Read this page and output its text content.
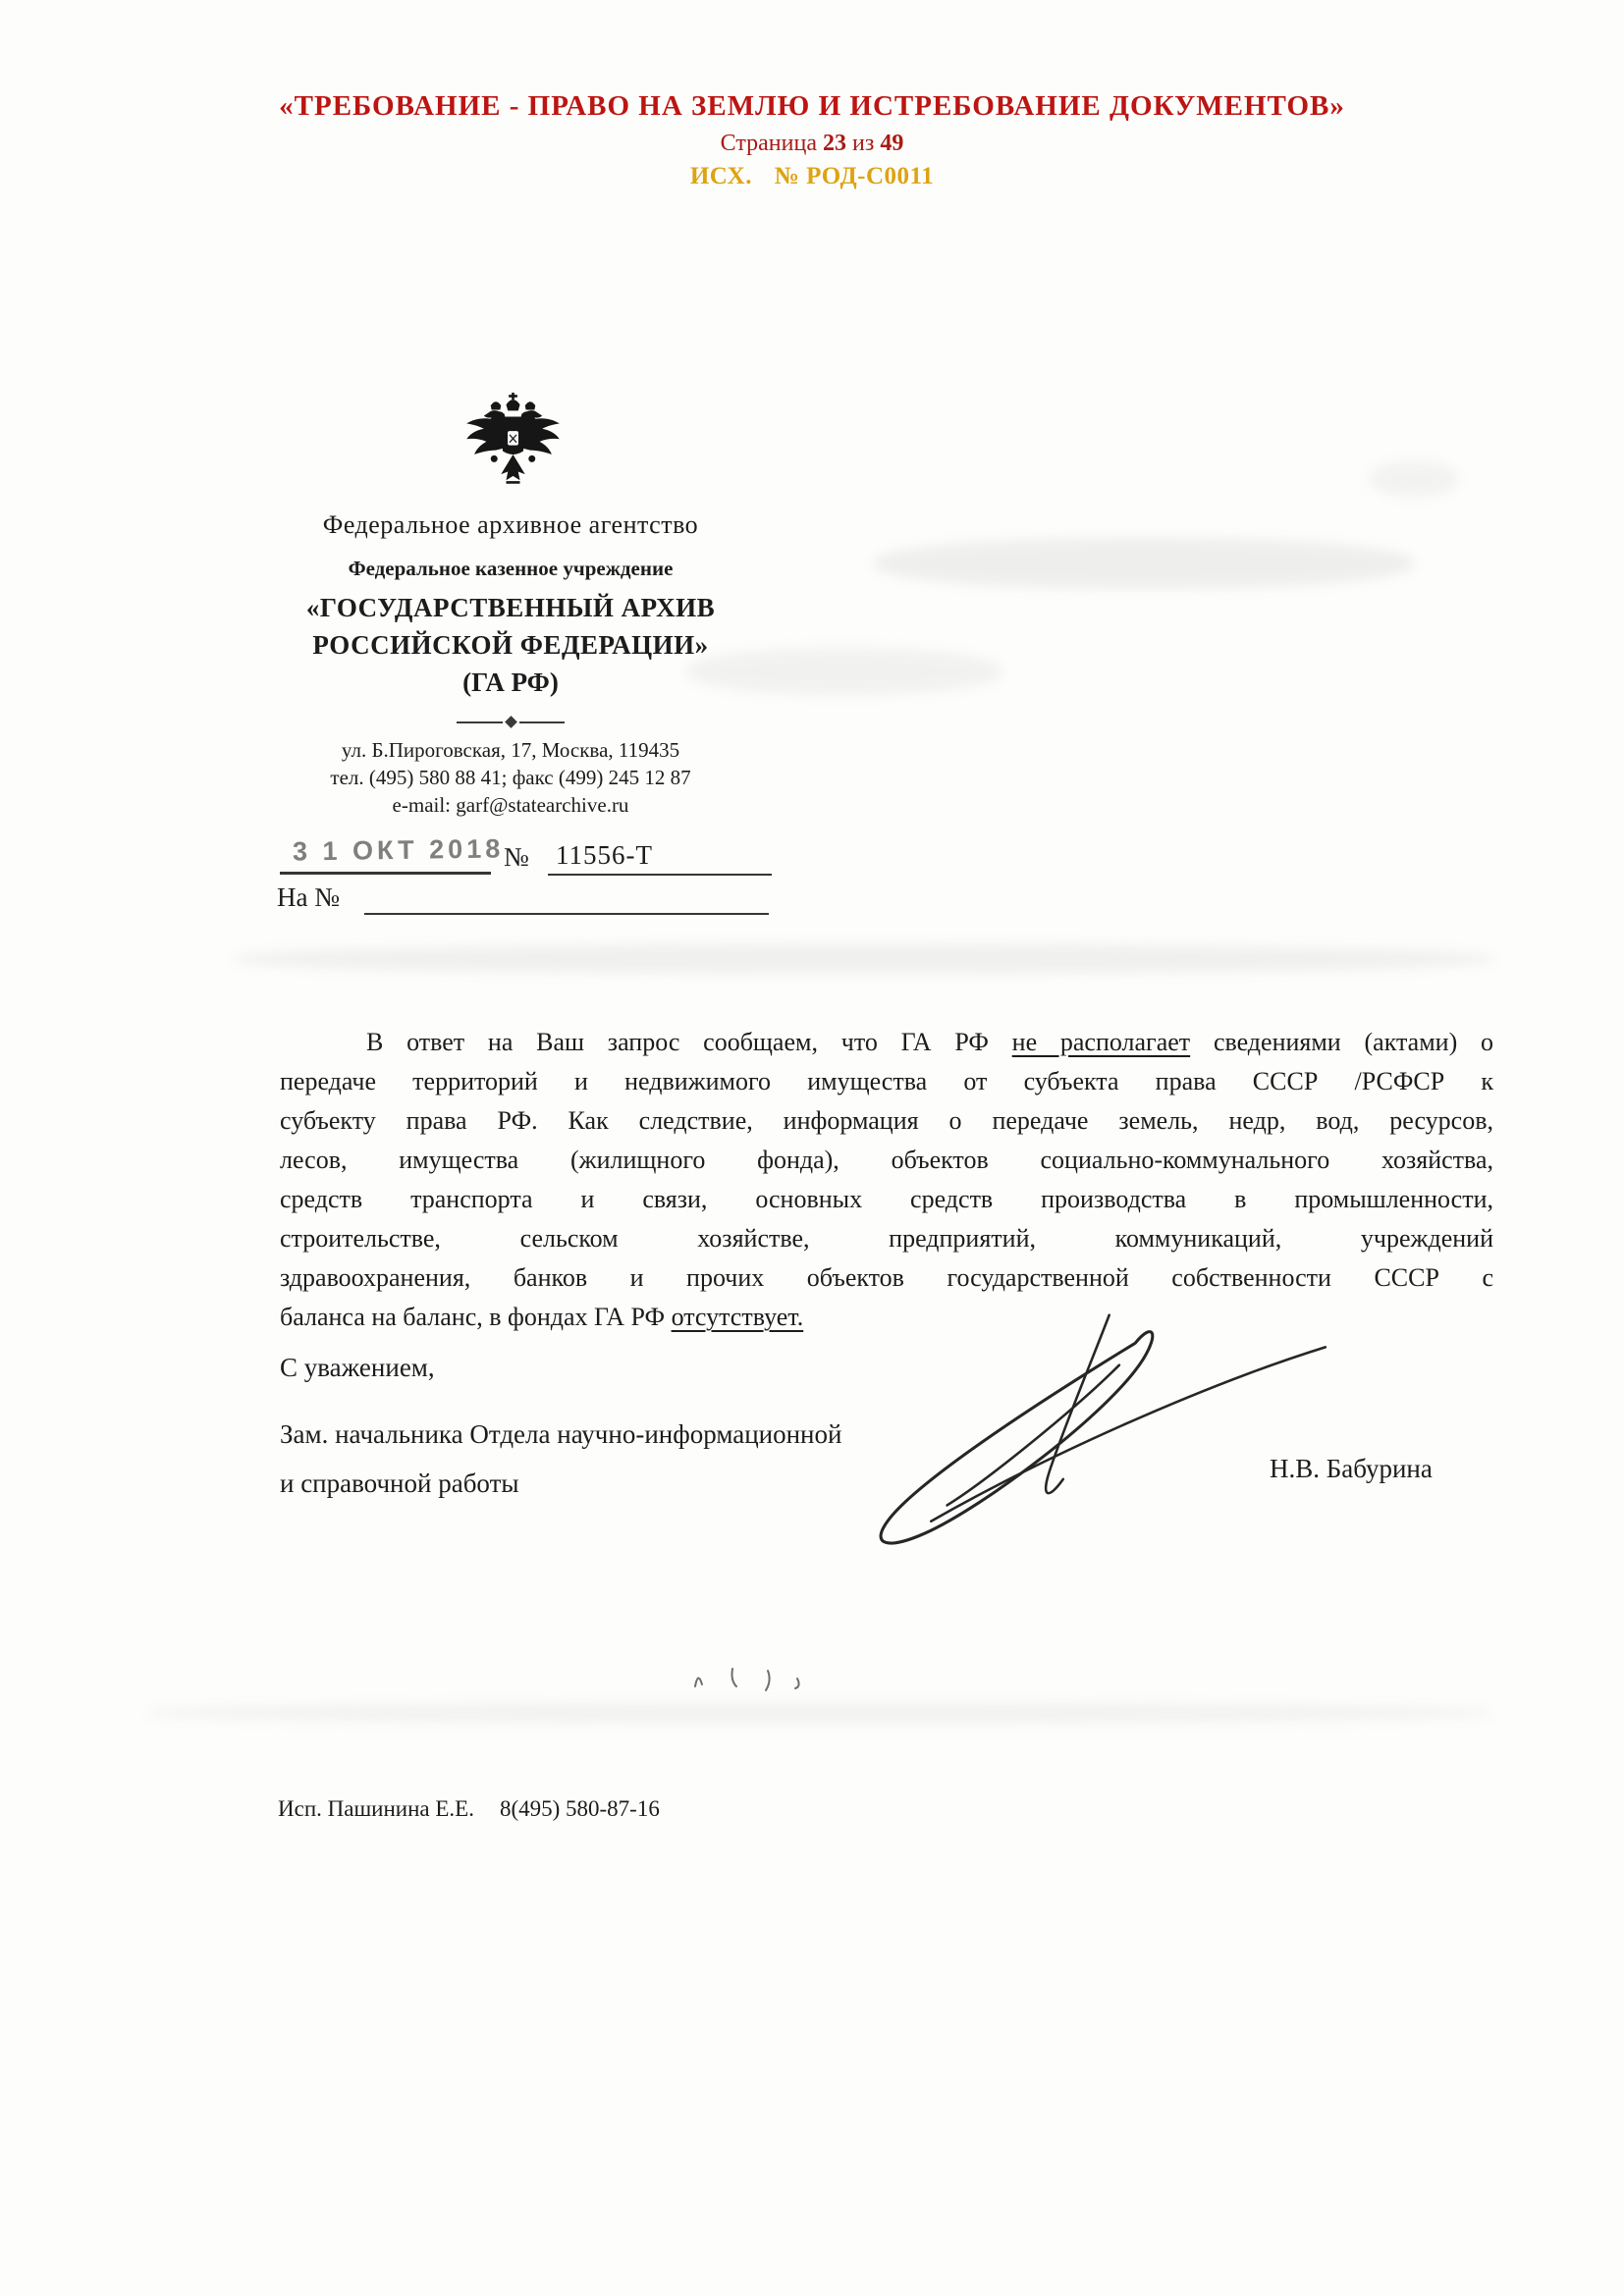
«ТРЕБОВАНИЕ - ПРАВО НА ЗЕМЛЮ И ИСТРЕБОВАНИЕ ДОКУМЕНТОВ»
Страница 23 из 49
ИСХ. № РОД-С0011
Федеральное архивное агентство
Федеральное казенное учреждение
«ГОСУДАРСТВЕННЫЙ АРХИВ
РОССИЙСКОЙ ФЕДЕРАЦИИ»
(ГА РФ)
ул. Б.Пироговская, 17, Москва, 119435
тел. (495) 580 88 41; факс (499) 245 12 87
e-mail: garf@statearchive.ru
3 1 ОКТ 2018 № 11556-Т
На №
В ответ на Ваш запрос сообщаем, что ГА РФ не располагает сведениями (актами) о
передаче территорий и недвижимого имущества от субъекта права СССР /РСФСР к
субъекту права РФ. Как следствие, информация о передаче земель, недр, вод, ресурсов,
лесов, имущества (жилищного фонда), объектов социально-коммунального хозяйства,
средств транспорта и связи, основных средств производства в промышленности,
строительстве, сельском хозяйстве, предприятий, коммуникаций, учреждений
здравоохранения, банков и прочих объектов государственной собственности СССР с
баланса на баланс, в фондах ГА РФ отсутствует.
С уважением,
Зам. начальника Отдела научно-информационной
и справочной работы	Н.В. Бабурина
Исп. Пашинина Е.Е. 8(495) 580-87-16
